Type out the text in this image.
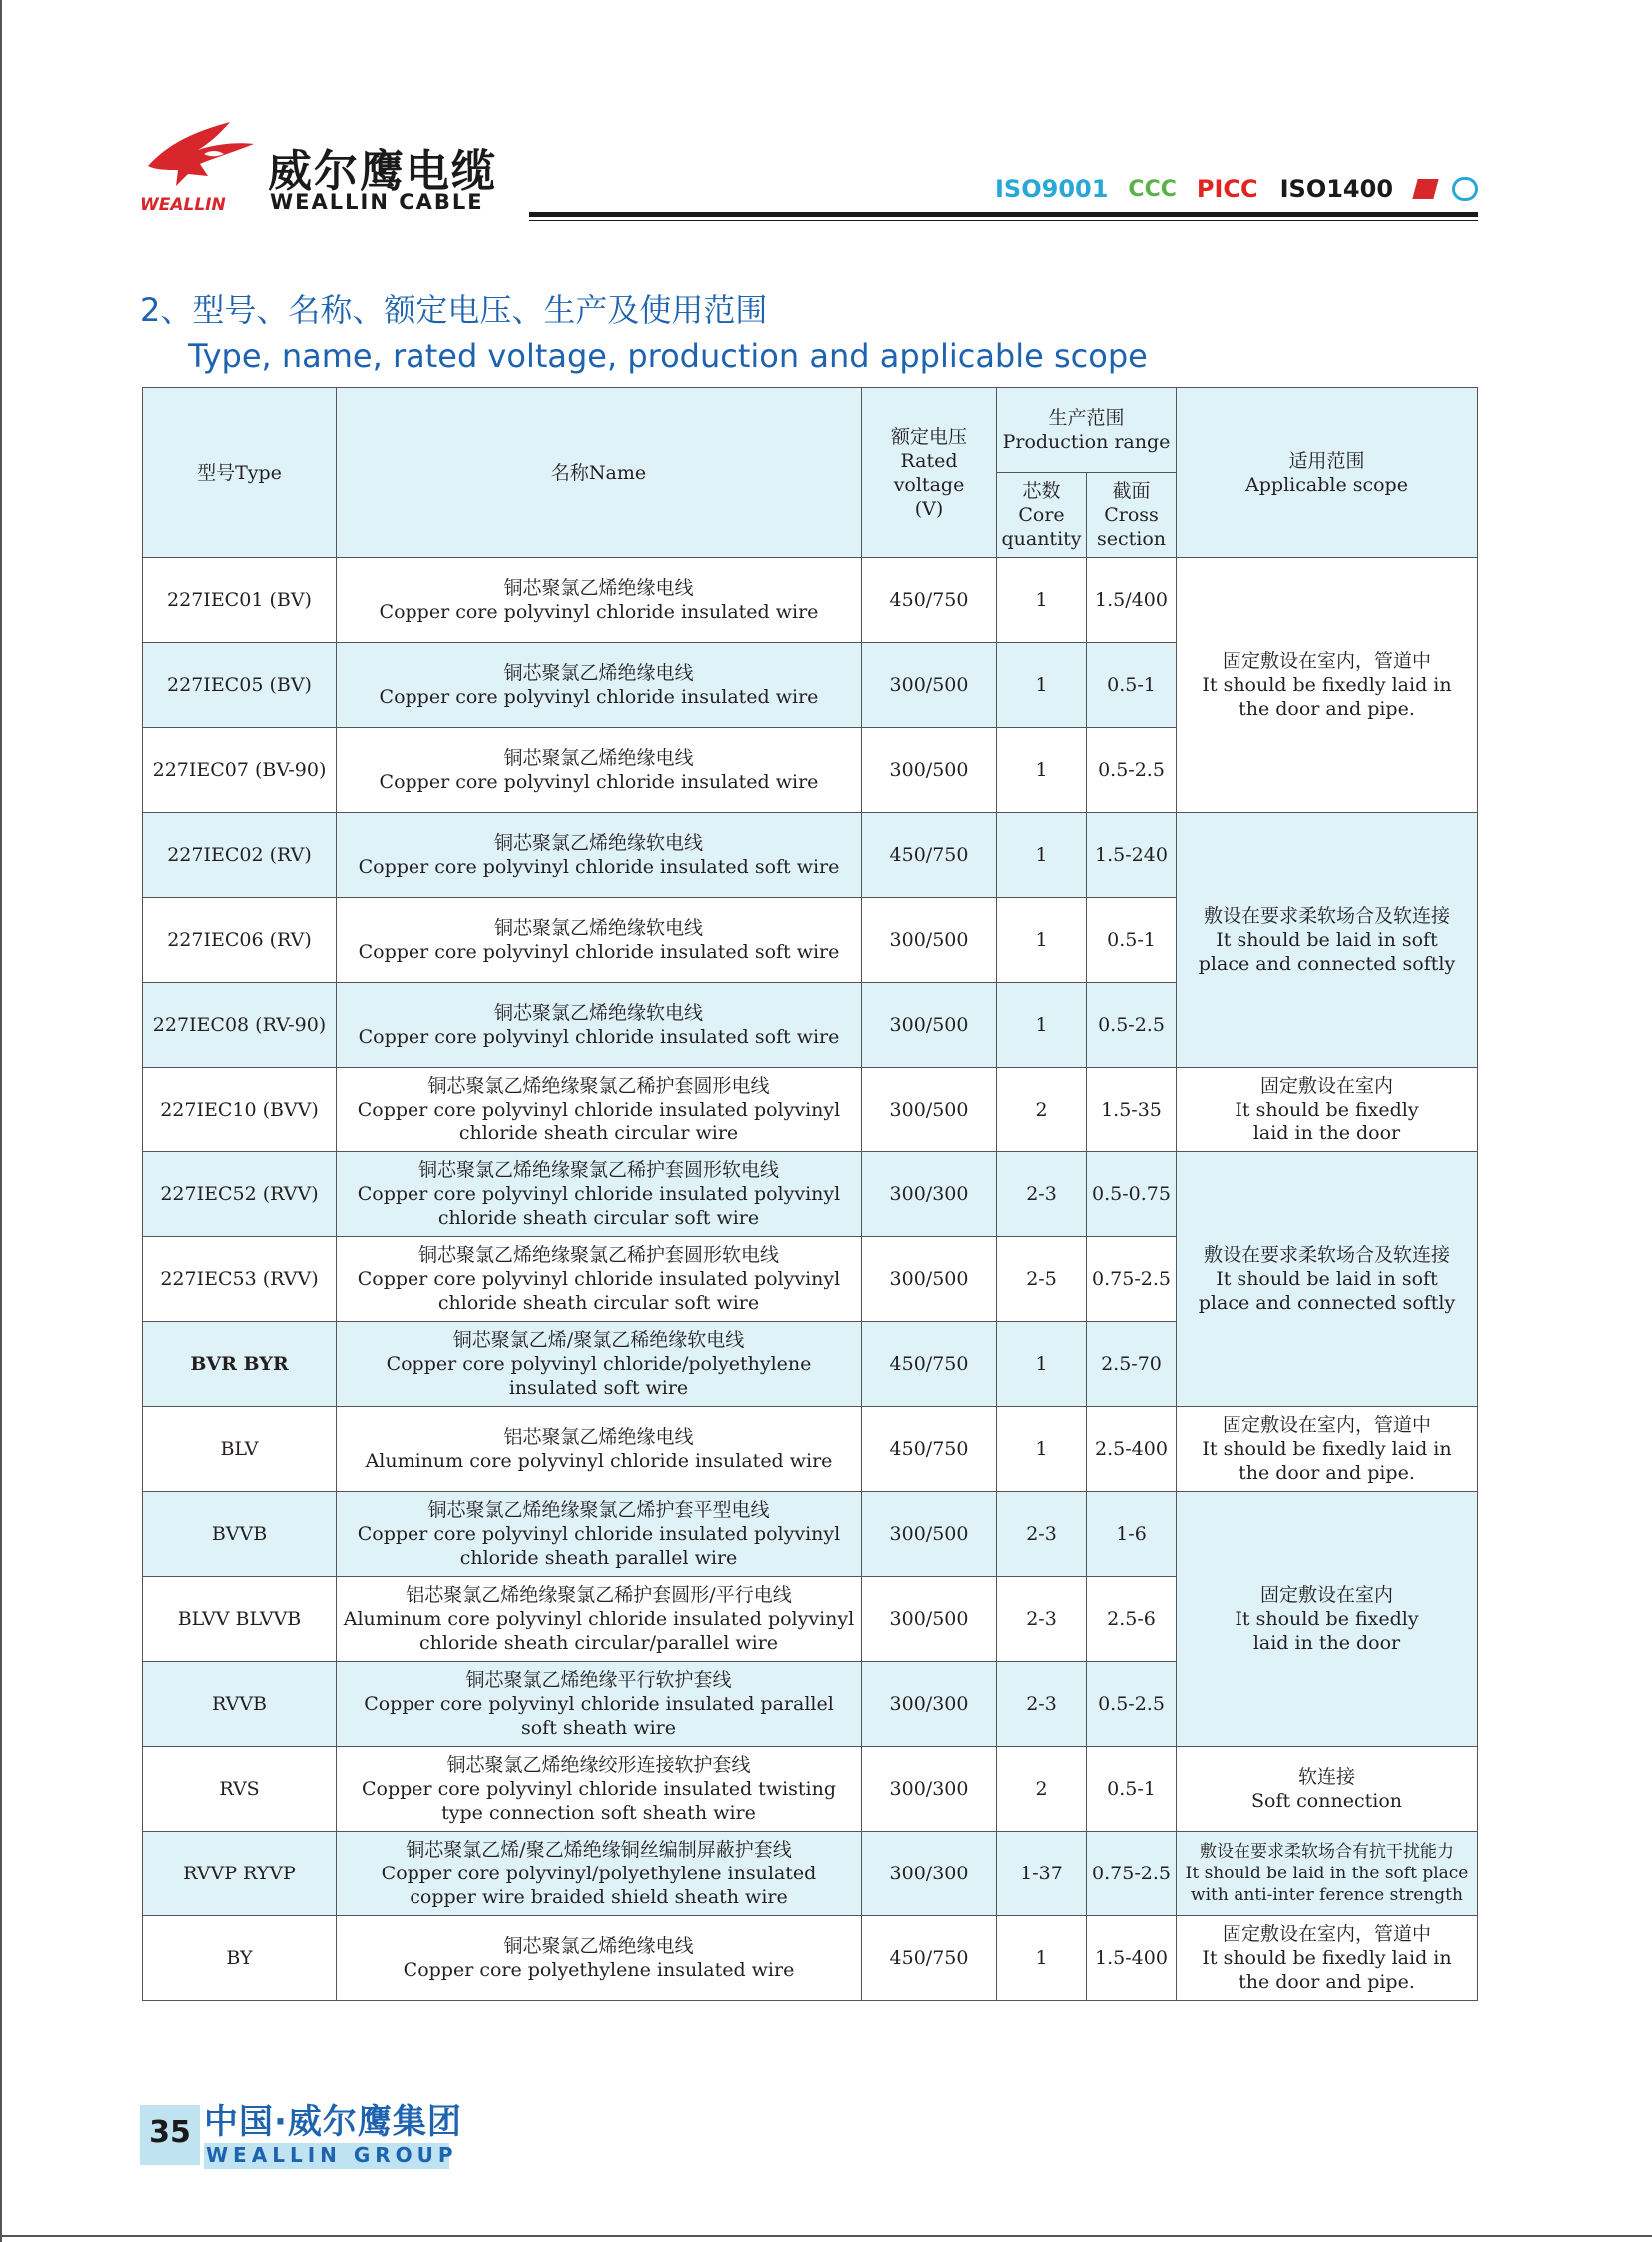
WEALLIN
威尔鹰电缆
WEALLIN CABLE	ISO9001 CCC PICC ISO1400
2、型号、名称、额定电压、生产及使用范围
Type, name, rated voltage, production and applicable scope
型号Type	名称Name	额定电压
Rated
voltage
(V)	生产范围
Production range		适用范围
Applicable scope

			芯数
Core
quantity	截面
Cross
section	

227IEC01 (BV)	铜芯聚氯乙烯绝缘电线
Copper core polyvinyl chloride insulated wire	450/750	1	1.5/400	固定敷设在室内，管道中
It should be fixedly laid in
the door and pipe.

227IEC05 (BV)	铜芯聚氯乙烯绝缘电线
Copper core polyvinyl chloride insulated wire	300/500	1	0.5-1	
227IEC07 (BV-90)	铜芯聚氯乙烯绝缘电线
Copper core polyvinyl chloride insulated wire	300/500	1	0.5-2.5	
227IEC02 (RV)	铜芯聚氯乙烯绝缘软电线
Copper core polyvinyl chloride insulated soft wire	450/750	1	1.5-240	敷设在要求柔软场合及软连接
It should be laid in soft
place and connected softly

227IEC06 (RV)	铜芯聚氯乙烯绝缘软电线
Copper core polyvinyl chloride insulated soft wire	300/500	1	0.5-1	
227IEC08 (RV-90)	铜芯聚氯乙烯绝缘软电线
Copper core polyvinyl chloride insulated soft wire	300/500	1	0.5-2.5	
227IEC10 (BVV)	铜芯聚氯乙烯绝缘聚氯乙稀护套圆形电线
Copper core polyvinyl chloride insulated polyvinyl
chloride sheath circular wire	300/500	2	1.5-35	固定敷设在室内
It should be fixedly
laid in the door

227IEC52 (RVV)	铜芯聚氯乙烯绝缘聚氯乙稀护套圆形软电线
Copper core polyvinyl chloride insulated polyvinyl
chloride sheath circular soft wire	300/300	2-3	0.5-0.75	敷设在要求柔软场合及软连接
It should be laid in soft
place and connected softly

227IEC53 (RVV)	铜芯聚氯乙烯绝缘聚氯乙稀护套圆形软电线
Copper core polyvinyl chloride insulated polyvinyl
chloride sheath circular soft wire	300/500	2-5	0.75-2.5	
BVR BYR	铜芯聚氯乙烯/聚氯乙稀绝缘软电线
Copper core polyvinyl chloride/polyethylene
insulated soft wire	450/750	1	2.5-70	
BLV	铝芯聚氯乙烯绝缘电线
Aluminum core polyvinyl chloride insulated wire	450/750	1	2.5-400	固定敷设在室内，管道中
It should be fixedly laid in
the door and pipe.

BVVB	铜芯聚氯乙烯绝缘聚氯乙烯护套平型电线
Copper core polyvinyl chloride insulated polyvinyl
chloride sheath parallel wire	300/500	2-3	1-6	固定敷设在室内
It should be fixedly
laid in the door

BLVV BLVVB	铝芯聚氯乙烯绝缘聚氯乙稀护套圆形/平行电线
Aluminum core polyvinyl chloride insulated polyvinyl
chloride sheath circular/parallel wire	300/500	2-3	2.5-6	
RVVB	铜芯聚氯乙烯绝缘平行软护套线
Copper core polyvinyl chloride insulated parallel
soft sheath wire	300/300	2-3	0.5-2.5	
RVS	铜芯聚氯乙烯绝缘绞形连接软护套线
Copper core polyvinyl chloride insulated twisting
type connection soft sheath wire	300/300	2	0.5-1	软连接
Soft connection

RVVP RYVP	铜芯聚氯乙烯/聚乙烯绝缘铜丝编制屏蔽护套线
Copper core polyvinyl/polyethylene insulated
copper wire braided shield sheath wire	300/300	1-37	0.75-2.5	敷设在要求柔软场合有抗干扰能力
It should be laid in the soft place
with anti-inter ference strength

BY	铜芯聚氯乙烯绝缘电线
Copper core polyethylene insulated wire	450/750	1	1.5-400	固定敷设在室内，管道中
It should be fixedly laid in
the door and pipe.
35 中国·威尔鹰集团
WEALLIN GROUP
